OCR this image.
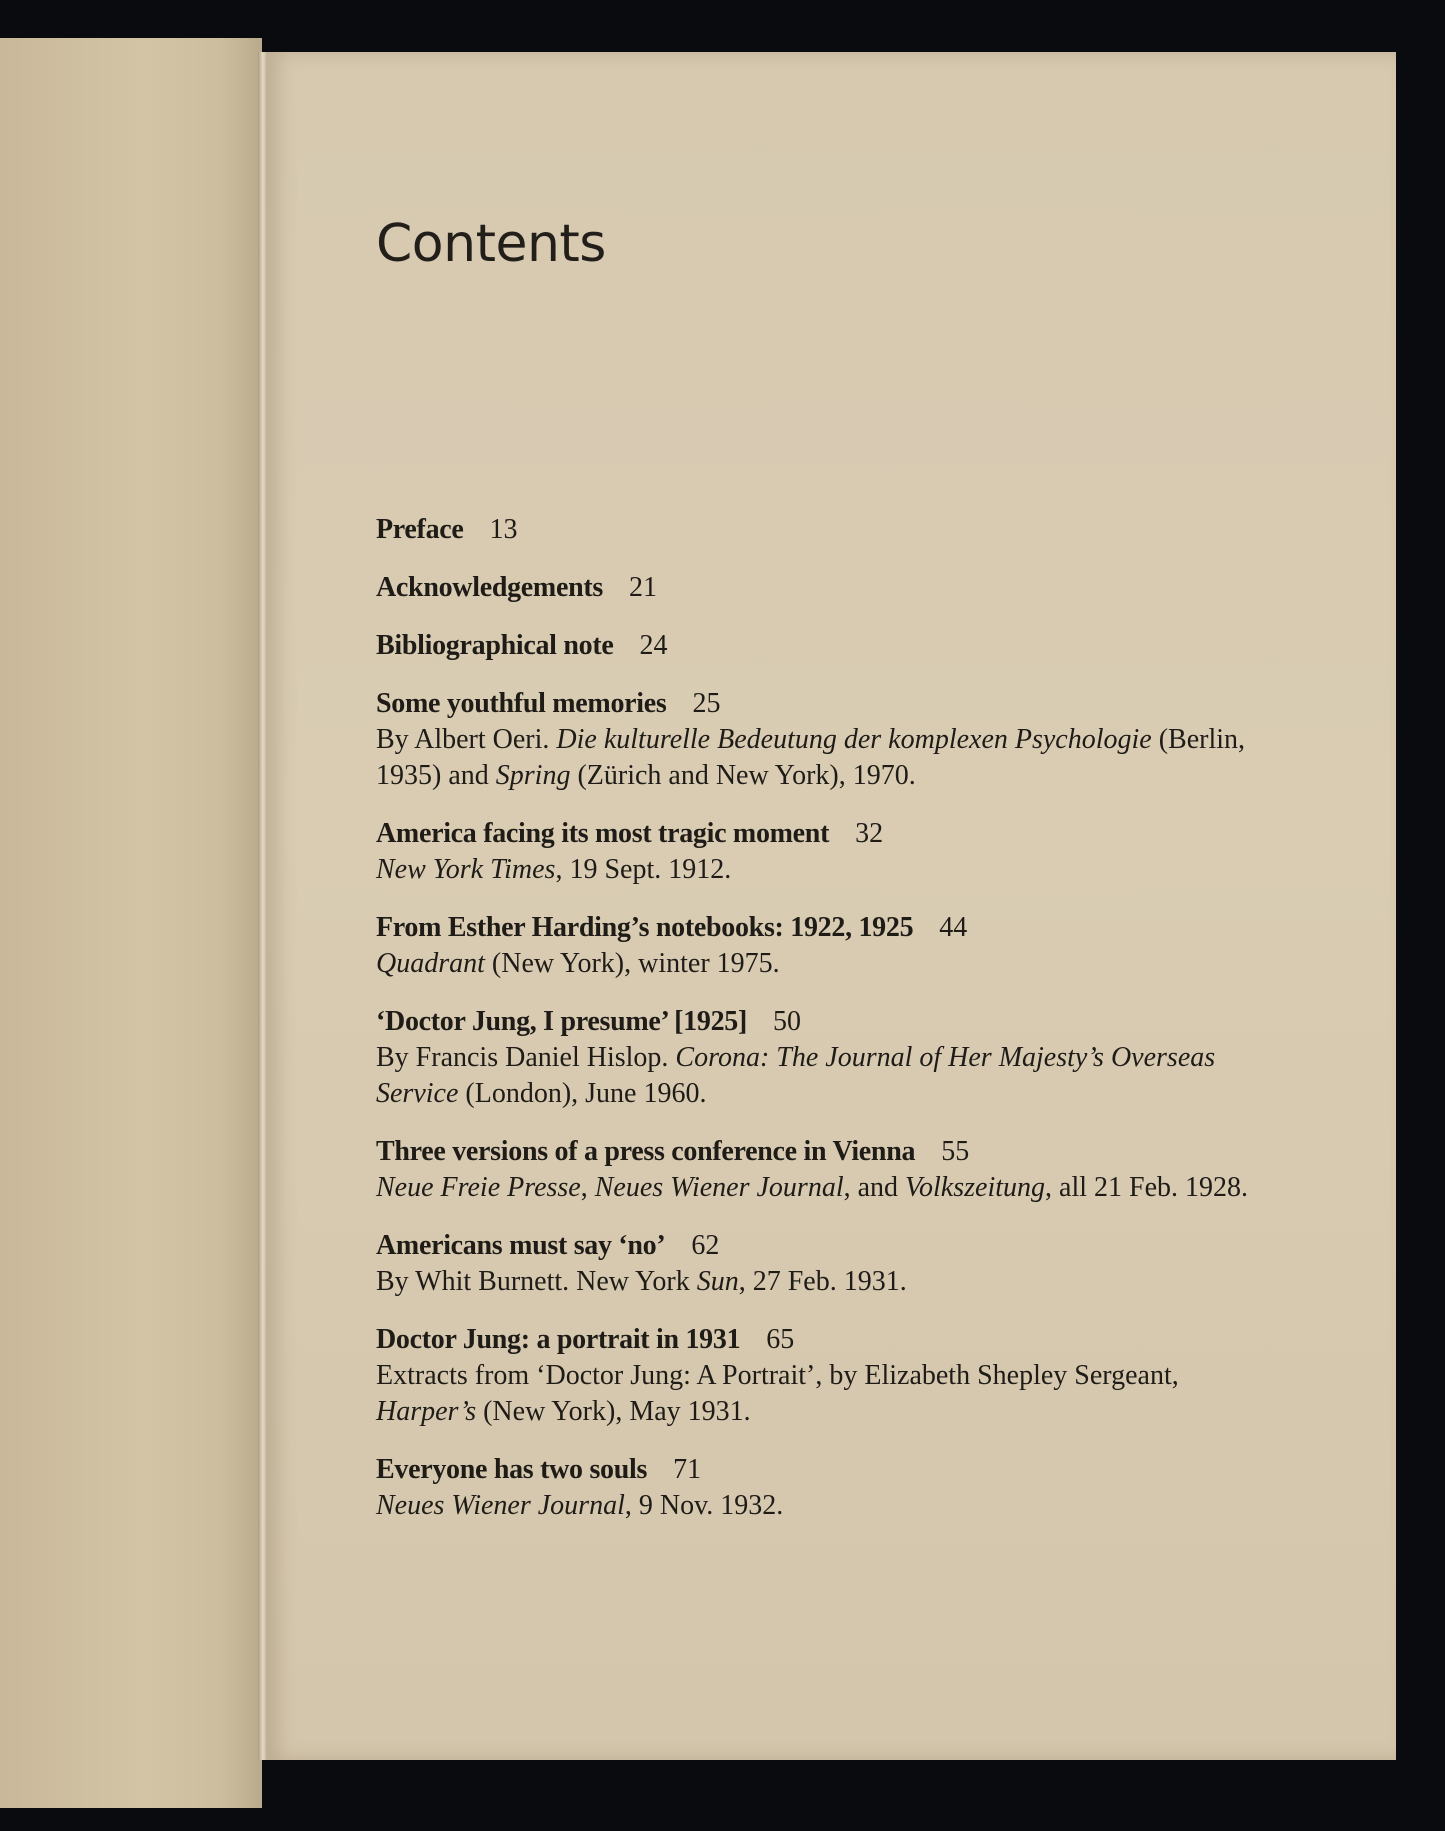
Contents
Preface 13
Acknowledgements 21
Bibliographical note 24
Some youthful memories 25
By Albert Oeri. Die kulturelle Bedeutung der komplexen Psychologie (Berlin, 1935) and Spring (Zürich and New York), 1970.
America facing its most tragic moment 32
New York Times, 19 Sept. 1912.
From Esther Harding’s notebooks: 1922, 1925 44
Quadrant (New York), winter 1975.
‘Doctor Jung, I presume’ [1925] 50
By Francis Daniel Hislop. Corona: The Journal of Her Majesty’s Overseas Service (London), June 1960.
Three versions of a press conference in Vienna 55
Neue Freie Presse, Neues Wiener Journal, and Volkszeitung, all 21 Feb. 1928.
Americans must say ‘no’ 62
By Whit Burnett. New York Sun, 27 Feb. 1931.
Doctor Jung: a portrait in 1931 65
Extracts from ‘Doctor Jung: A Portrait’, by Elizabeth Shepley Sergeant, Harper’s (New York), May 1931.
Everyone has two souls 71
Neues Wiener Journal, 9 Nov. 1932.
